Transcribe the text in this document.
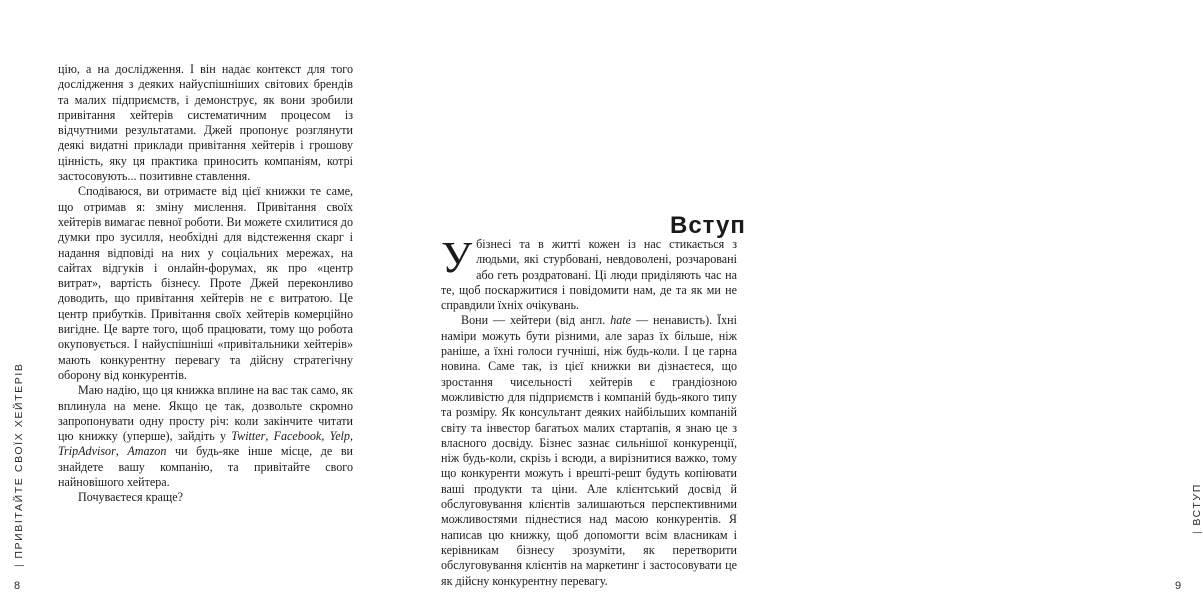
цію, а на дослідження. І він надає контекст для того дослідження з деяких найуспішніших світових брендів та малих підприємств, і демонструє, як вони зробили привітання хейтерів систематичним процесом із відчутними результатами. Джей пропонує розглянути деякі видатні приклади привітання хейтерів і грошову цінність, яку ця практика приносить компаніям, котрі застосовують... позитивне ставлення.

Сподіваюся, ви отримаєте від цієї книжки те саме, що отримав я: зміну мислення. Привітання своїх хейтерів вимагає певної роботи. Ви можете схилитися до думки про зусилля, необхідні для відстеження скарг і надання відповіді на них у соціальних мережах, на сайтах відгуків і онлайн-форумах, як про «центр витрат», вартість бізнесу. Проте Джей переконливо доводить, що привітання хейтерів не є витратою. Це центр прибутків. Привітання своїх хейтерів комерційно вигідне. Це варте того, щоб працювати, тому що робота окуповується. І найуспішніші «привітальники хейтерів» мають конкурентну перевагу та дійсну стратегічну оборону від конкурентів.

Маю надію, що ця книжка вплине на вас так само, як вплинула на мене. Якщо це так, дозвольте скромно запропонувати одну просту річ: коли закінчите читати цю книжку (уперше), зайдіть у Twitter, Facebook, Yelp, TripAdvisor, Amazon чи будь-яке інше місце, де ви знайдете вашу компанію, та привітайте свого найновішого хейтера.

Почуваєтеся краще?

|ПРИВІТАЙТЕ СВОЇХ ХЕЙТЕРІВ
8
Вступ

Убізнесі та в житті кожен із нас стикається з людьми, які стурбовані, невдоволені, розчаровані або геть роздратовані. Ці люди приділяють час на те, щоб поскаржитися і повідомити нам, де та як ми не справдили їхніх очікувань.

Вони — хейтери (від англ. hate — ненависть). Їхні наміри можуть бути різними, але зараз їх більше, ніж раніше, а їхні голоси гучніші, ніж будь-коли. І це гарна новина. Саме так, із цієї книжки ви дізнаєтеся, що зростання чисельності хейтерів є грандіозною можливістю для підприємств і компаній будь-якого типу та розміру. Як консультант деяких найбільших компаній світу та інвестор багатьох малих стартапів, я знаю це з власного досвіду. Бізнес зазнає сильнішої конкуренції, ніж будь-коли, скрізь і всюди, а вирізнитися важко, тому що конкуренти можуть і врешті-решт будуть копіювати ваші продукти та ціни. Але клієнтський досвід й обслуговування клієнтів залишаються перспективними можливостями піднестися над масою конкурентів. Я написав цю книжку, щоб допомогти всім власникам і керівникам бізнесу зрозуміти, як перетворити обслуговування клієнтів на маркетинг і застосовувати це як дійсну конкурентну перевагу.

|ВСТУП
9
